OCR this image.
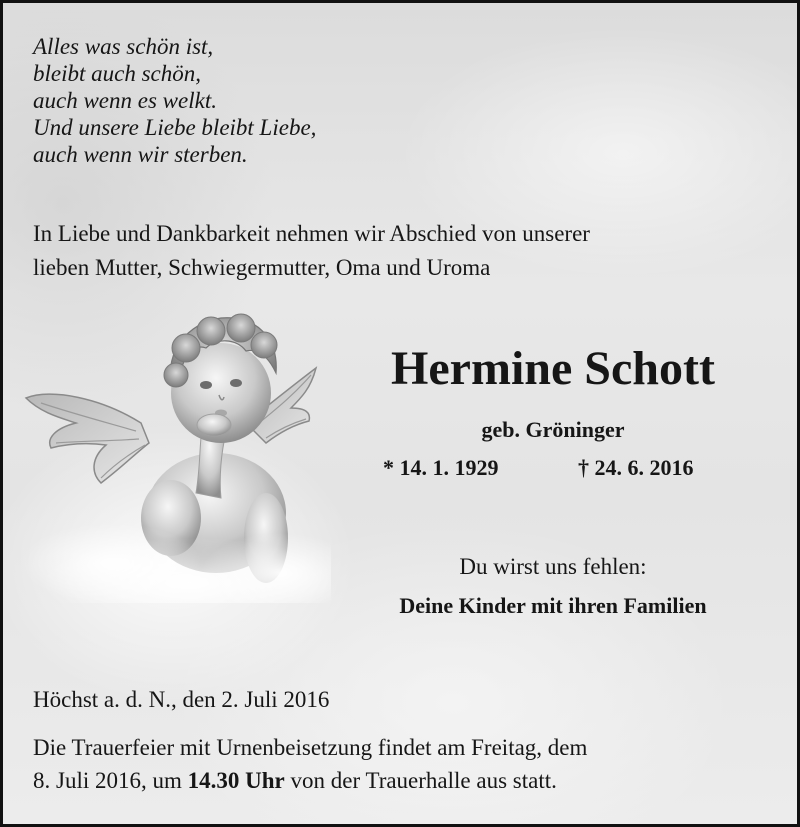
Alles was schön ist,
bleibt auch schön,
auch wenn es welkt.
Und unsere Liebe bleibt Liebe,
auch wenn wir sterben.
In Liebe und Dankbarkeit nehmen wir Abschied von unserer
lieben Mutter, Schwiegermutter, Oma und Uroma
Hermine Schott
geb. Gröninger
* 14. 1. 1929	† 24. 6. 2016
Du wirst uns fehlen:
Deine Kinder mit ihren Familien
Höchst a. d. N., den 2. Juli 2016
Die Trauerfeier mit Urnenbeisetzung findet am Freitag, dem
8. Juli 2016, um 14.30 Uhr von der Trauerhalle aus statt.
